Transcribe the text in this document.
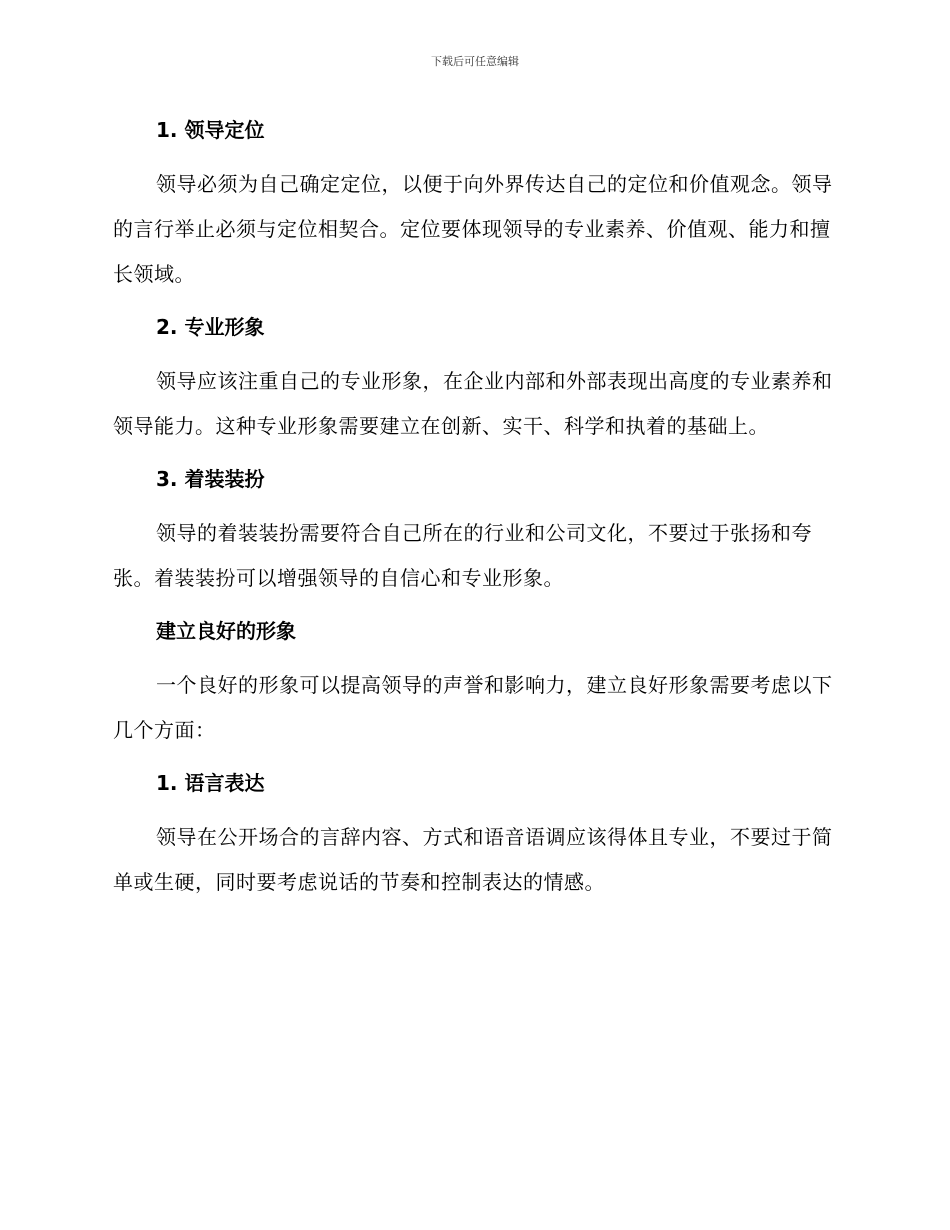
下载后可任意编辑
1. 领导定位

领导必须为自己确定定位，以便于向外界传达自己的定位和价值观念。领导的言行举止必须与定位相契合。定位要体现领导的专业素养、价值观、能力和擅长领域。

2. 专业形象

领导应该注重自己的专业形象，在企业内部和外部表现出高度的专业素养和领导能力。这种专业形象需要建立在创新、实干、科学和执着的基础上。

3. 着装装扮

领导的着装装扮需要符合自己所在的行业和公司文化，不要过于张扬和夸张。着装装扮可以增强领导的自信心和专业形象。

建立良好的形象

一个良好的形象可以提高领导的声誉和影响力，建立良好形象需要考虑以下几个方面：

1. 语言表达

领导在公开场合的言辞内容、方式和语音语调应该得体且专业，不要过于简单或生硬，同时要考虑说话的节奏和控制表达的情感。
